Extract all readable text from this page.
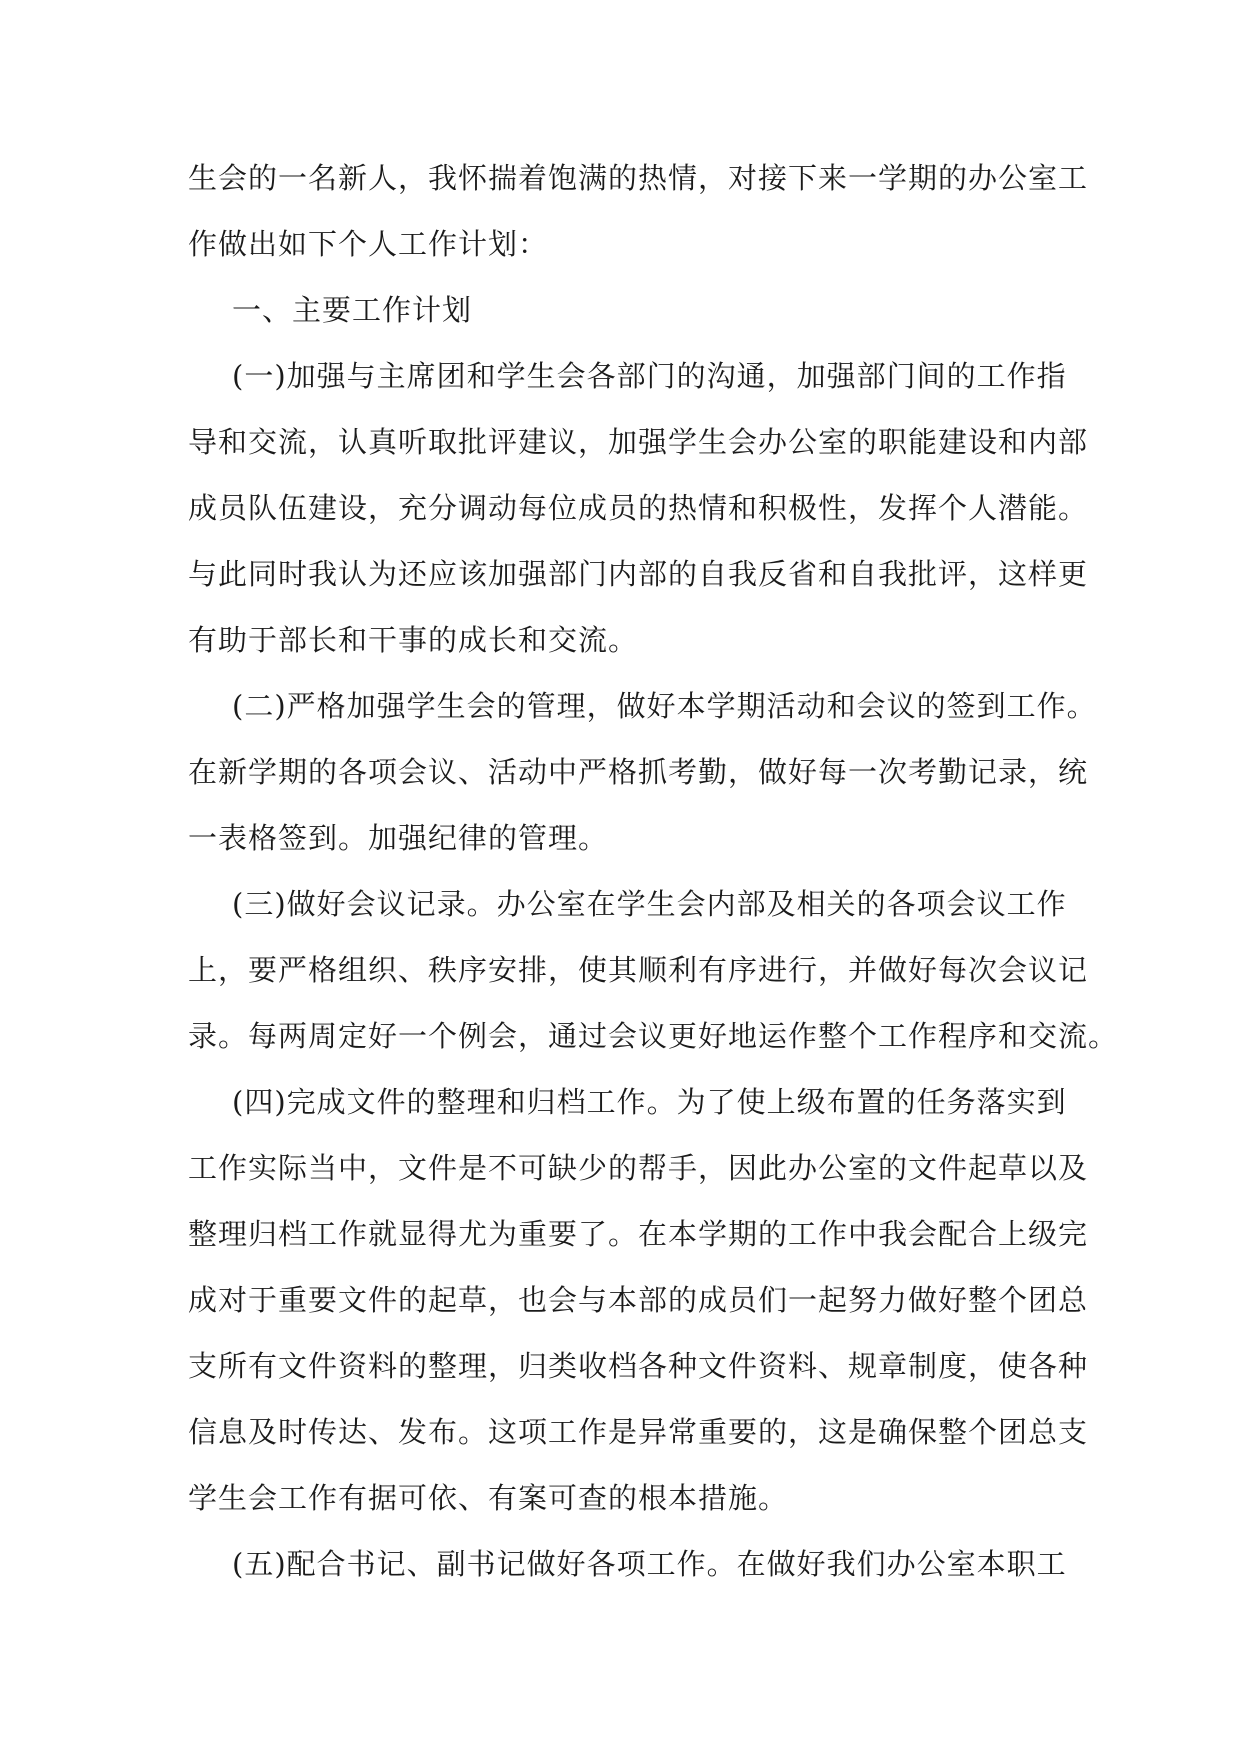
生会的一名新人，我怀揣着饱满的热情，对接下来一学期的办公室工
作做出如下个人工作计划：
一、主要工作计划
(一)加强与主席团和学生会各部门的沟通，加强部门间的工作指
导和交流，认真听取批评建议，加强学生会办公室的职能建设和内部
成员队伍建设，充分调动每位成员的热情和积极性，发挥个人潜能。
与此同时我认为还应该加强部门内部的自我反省和自我批评，这样更
有助于部长和干事的成长和交流。
(二)严格加强学生会的管理，做好本学期活动和会议的签到工作。
在新学期的各项会议、活动中严格抓考勤，做好每一次考勤记录，统
一表格签到。加强纪律的管理。
(三)做好会议记录。办公室在学生会内部及相关的各项会议工作
上，要严格组织、秩序安排，使其顺利有序进行，并做好每次会议记
录。每两周定好一个例会，通过会议更好地运作整个工作程序和交流。
(四)完成文件的整理和归档工作。为了使上级布置的任务落实到
工作实际当中，文件是不可缺少的帮手，因此办公室的文件起草以及
整理归档工作就显得尤为重要了。在本学期的工作中我会配合上级完
成对于重要文件的起草，也会与本部的成员们一起努力做好整个团总
支所有文件资料的整理，归类收档各种文件资料、规章制度，使各种
信息及时传达、发布。这项工作是异常重要的，这是确保整个团总支
学生会工作有据可依、有案可查的根本措施。
(五)配合书记、副书记做好各项工作。在做好我们办公室本职工
